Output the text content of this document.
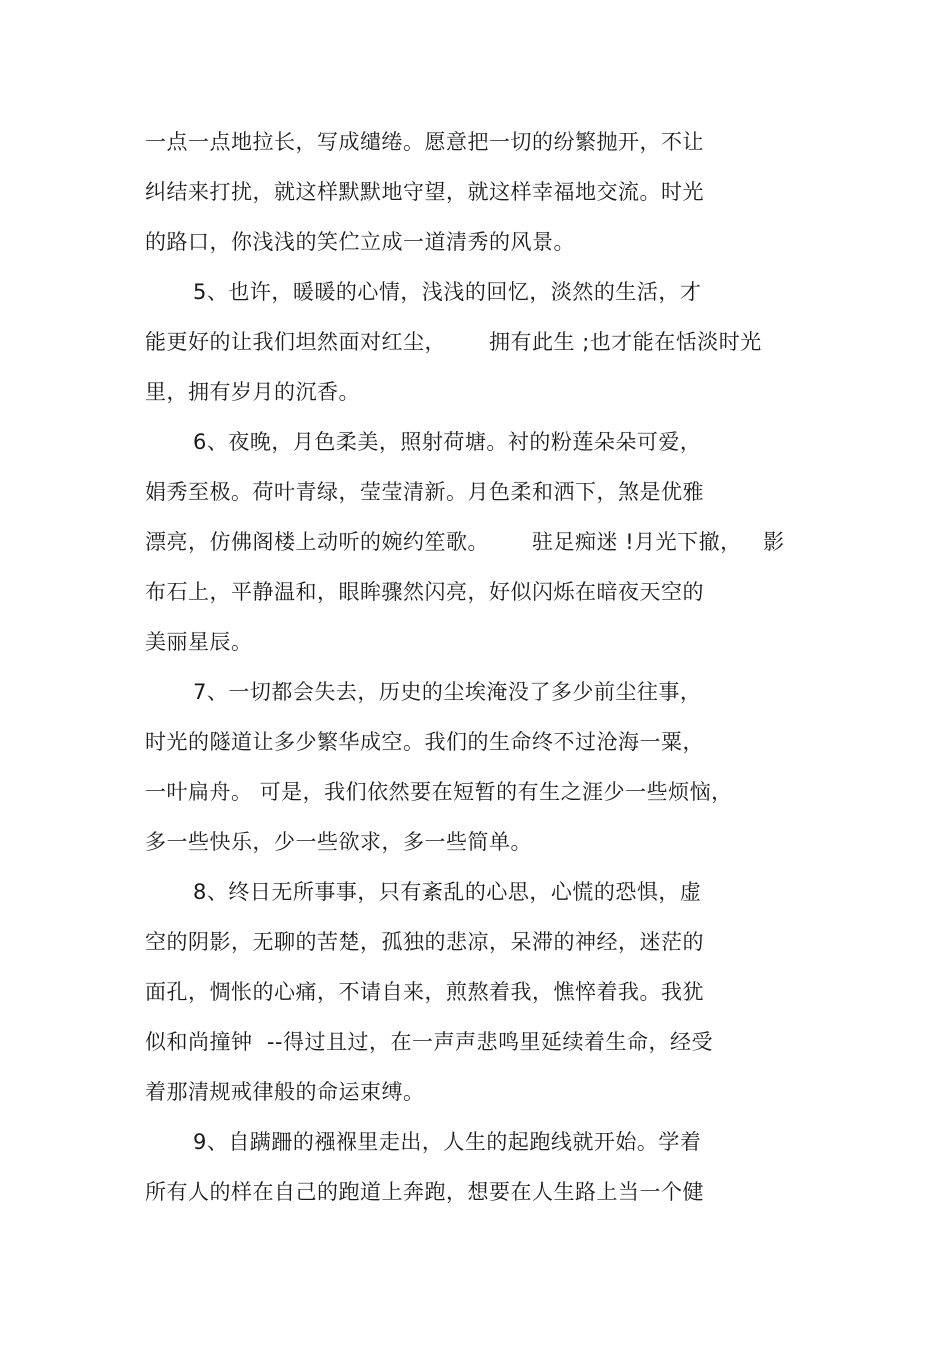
一点一点地拉长，写成缱绻。愿意把一切的纷繁抛开，不让
纠结来打扰，就这样默默地守望，就这样幸福地交流。时光
的路口，你浅浅的笑伫立成一道清秀的风景。
5、也许，暖暖的心情，浅浅的回忆，淡然的生活，才
能更好的让我们坦然面对红尘，      拥有此生 ;也才能在恬淡时光
里，拥有岁月的沉香。
6、夜晚，月色柔美，照射荷塘。衬的粉莲朵朵可爱，
娟秀至极。荷叶青绿，莹莹清新。月色柔和洒下，煞是优雅
漂亮，仿佛阁楼上动听的婉约笙歌。      驻足痴迷 !月光下撤，   影
布石上，平静温和，眼眸骤然闪亮，好似闪烁在暗夜天空的
美丽星辰。
7、一切都会失去，历史的尘埃淹没了多少前尘往事，
时光的隧道让多少繁华成空。我们的生命终不过沧海一粟，
一叶扁舟。 可是，我们依然要在短暂的有生之涯少一些烦恼，
多一些快乐，少一些欲求，多一些简单。
8、终日无所事事，只有紊乱的心思，心慌的恐惧，虚
空的阴影，无聊的苦楚，孤独的悲凉，呆滞的神经，迷茫的
面孔，惆怅的心痛，不请自来，煎熬着我，憔悴着我。我犹
似和尚撞钟  --得过且过，在一声声悲鸣里延续着生命，经受
着那清规戒律般的命运束缚。
9、自蹒跚的襁褓里走出，人生的起跑线就开始。学着
所有人的样在自己的跑道上奔跑，想要在人生路上当一个健
